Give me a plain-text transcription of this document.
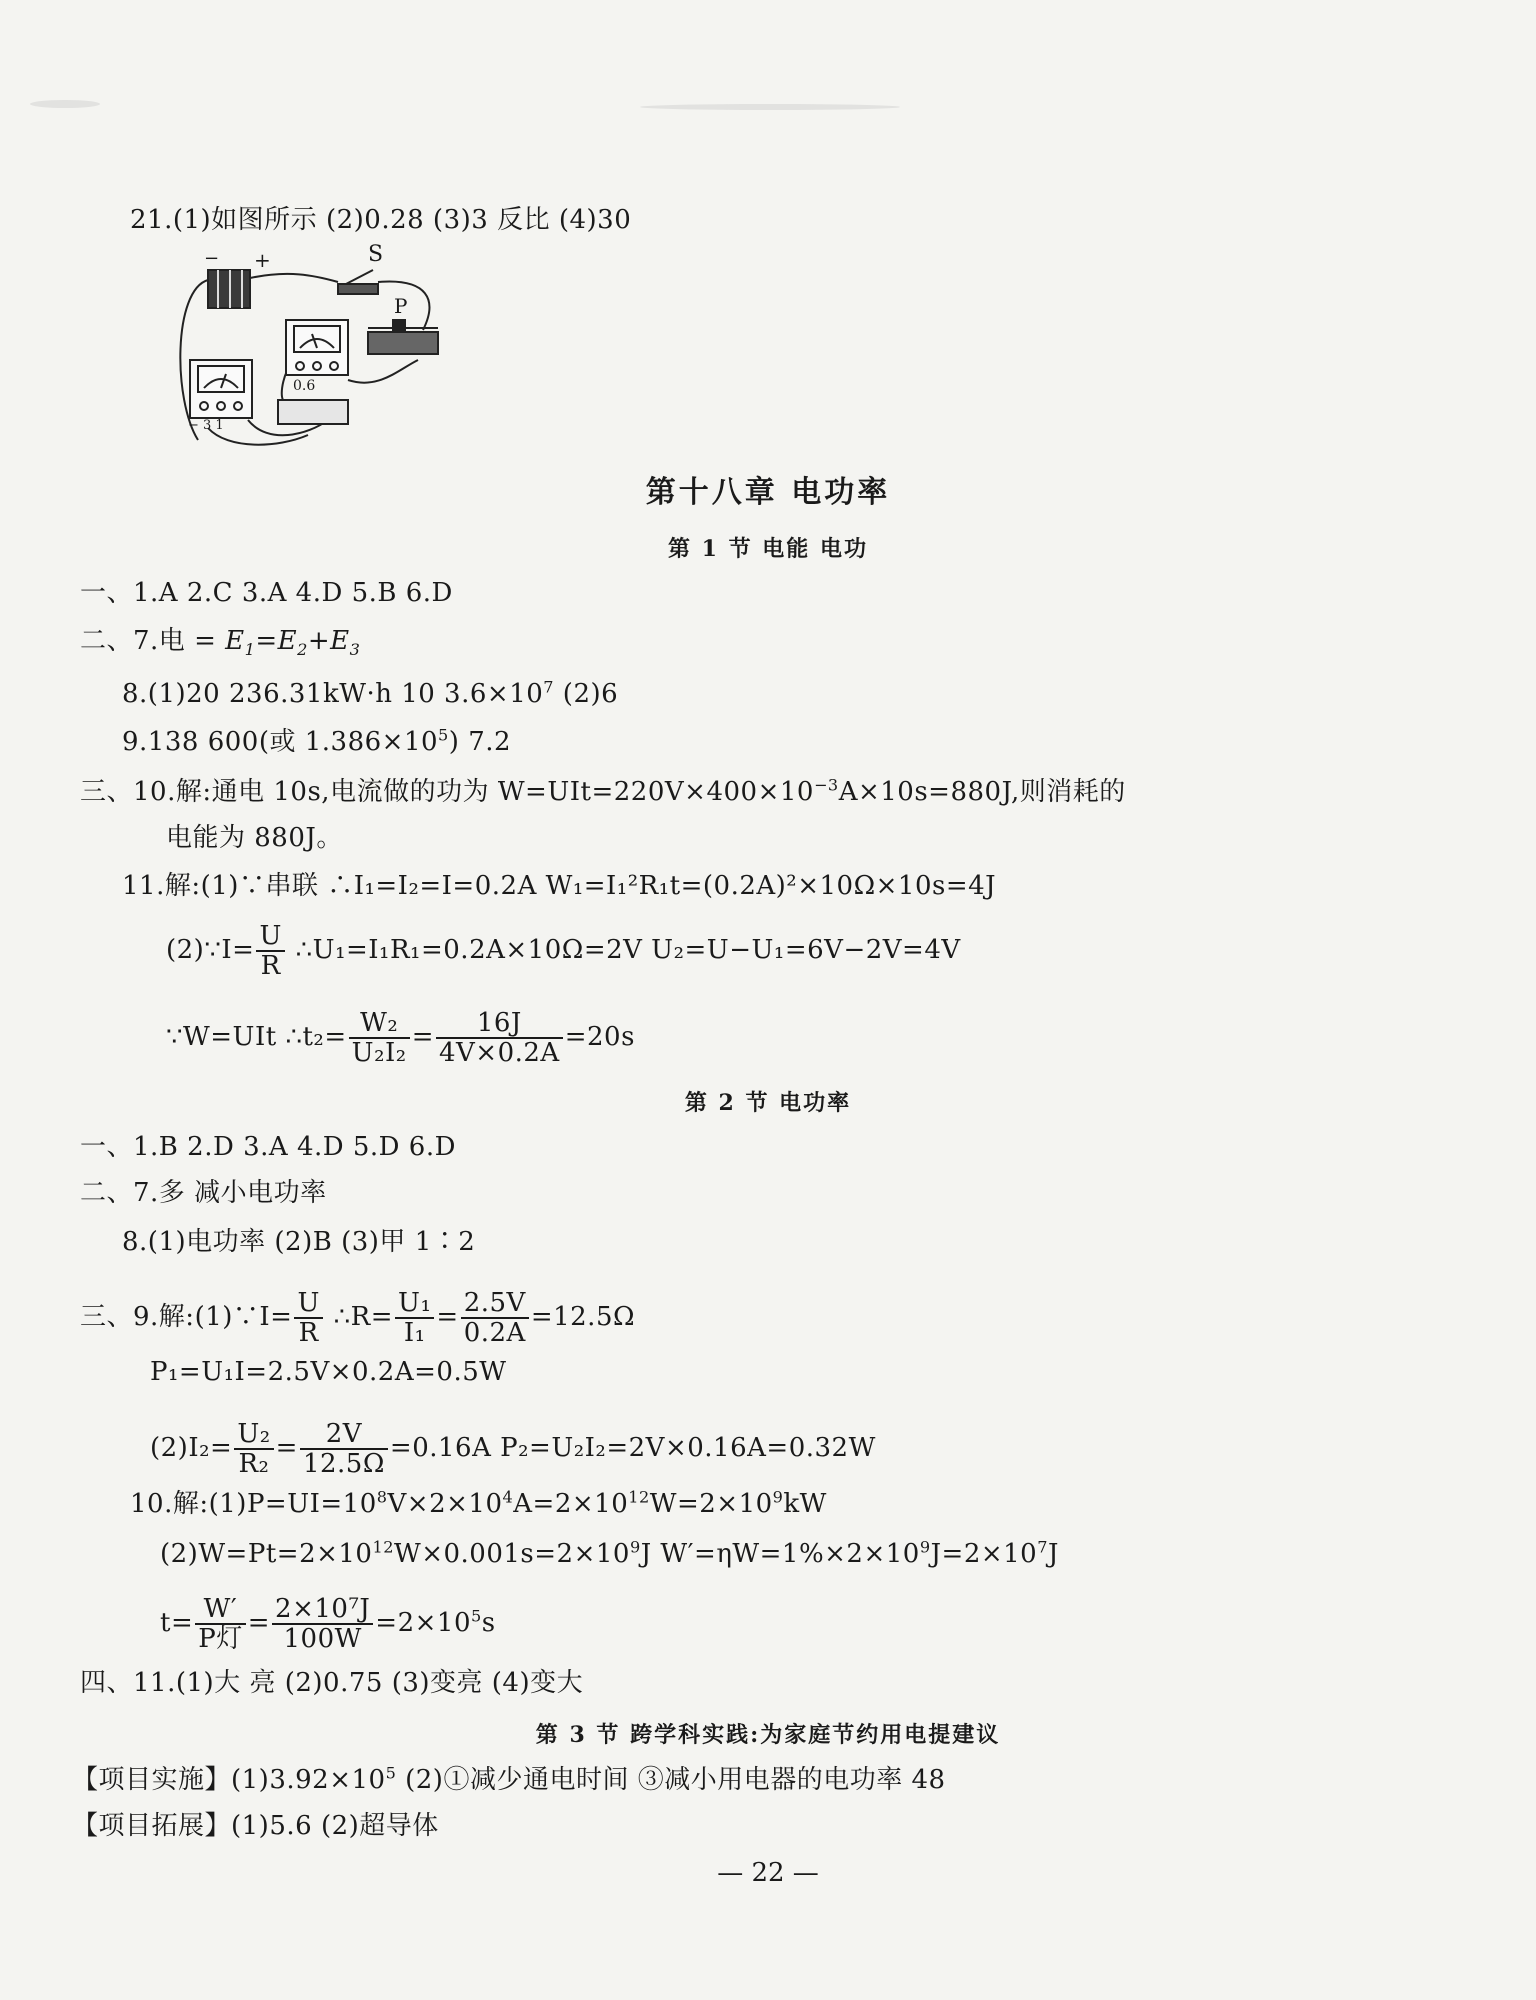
21.(1)如图所示 (2)0.28 (3)3 反比 (4)30
− +	S
P
0.6
− 3 1
第十八章 电功率
第 1 节 电能 电功
一、1.A 2.C 3.A 4.D 5.B 6.D
二、7.电 = $E_1=E_2+E_3$
8.(1)20 236.31kW·h 10 $3.6\times 10^7$ (2)6
9.138 600(或 $1.386\times 10^5$) 7.2
三、10.解:通电 10s,电流做的功为 $W=UIt=220V\times 400\times 10^{-3}A\times 10s=880J$,则消耗的
电能为 880J。
11.解:(1)∵串联 ∴I₁=I₂=I=0.2A W₁=I₁²R₁t=(0.2A)²×10Ω×10s=4J
(2)∵I= $\frac{U}{R}$ ∴U₁=I₁R₁=0.2A×10Ω=2V U₂=U−U₁=6V−2V=4V
∵W=UIt ∴t₂= $\frac{\text{W₂}}{\text{U₂I₂}} = \frac{16J}{4V\times 0.2A} =20s$
第 2 节 电功率
一、1.B 2.D 3.A 4.D 5.D 6.D
二、7.多 减小电功率
8.(1)电功率 (2)B (3)甲 1∶2
三、9.解:(1)∵I= $\frac{U}{R}$ ∴R= $\frac{\text{U₁}}{\text{I₁}} = \frac{2.5V}{0.2A} =12.5\Omega$
P₁=U₁I=2.5V×0.2A=0.5W
$(2)I_2= \frac{\text{U₂}}{\text{R₂}} = \frac{2V}{12.5\Omega} =0.16A$ P₂=U₂I₂=2V×0.16A=0.32W
10.解$:(1)P=UI=10^8V\times 2\times 10^4A=2\times 10^{12}W=2\times 10^9kW$
$(2)W=Pt=2\times 10^{12}W\times 0.001s=2\times 10^9J$ $W'=\eta W=1\%\times 2\times 10^9J=2\times 10^7J$
$t= \frac{W'}{\text{P灯}} = \frac{\text{2×10⁷J}}{100W} =2\times 10^5s$
四、11.(1)大 亮 (2)0.75 (3)变亮 (4)变大
第 3 节 跨学科实践:为家庭节约用电提建议
【项目实施】$(1)3.92\times 10^5$ (2)①减少通电时间 ③减小用电器的电功率 48
【项目拓展】(1)5.6 (2)超导体
— 22 —
